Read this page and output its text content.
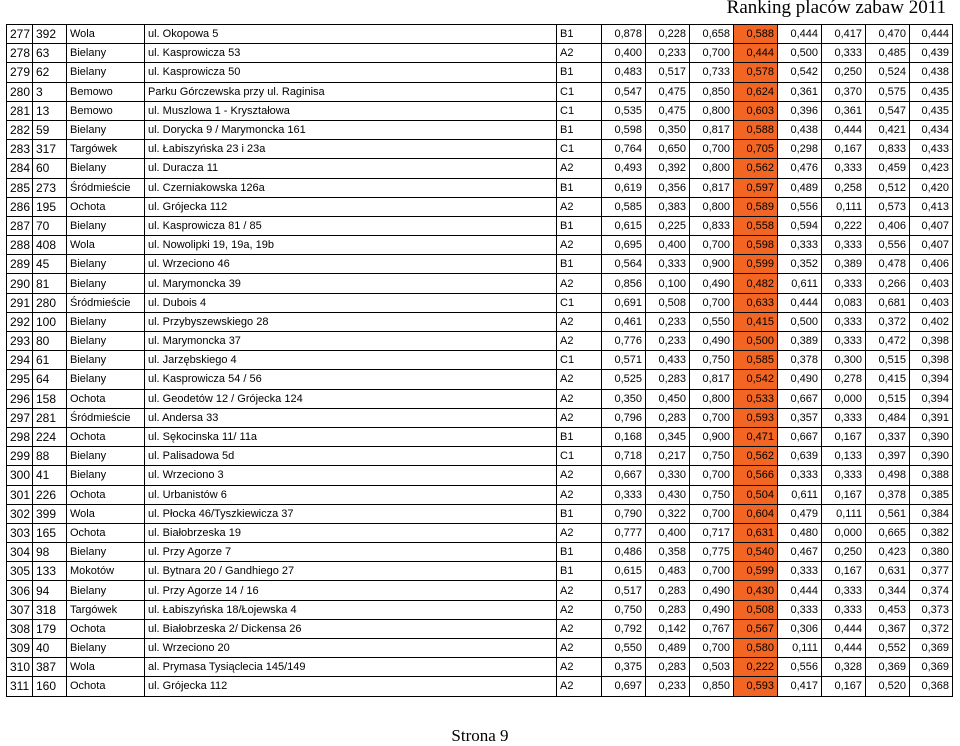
Ranking placów zabaw 2011
277	392	Wola	ul. Okopowa 5	B1	0,878	0,228	0,658	0,588	0,444	0,417	0,470	0,444
278	63	Bielany	ul. Kasprowicza 53	A2	0,400	0,233	0,700	0,444	0,500	0,333	0,485	0,439
279	62	Bielany	ul. Kasprowicza 50	B1	0,483	0,517	0,733	0,578	0,542	0,250	0,524	0,438
280	3	Bemowo	Parku Górczewska przy ul. Raginisa	C1	0,547	0,475	0,850	0,624	0,361	0,370	0,575	0,435
281	13	Bemowo	ul. Muszlowa 1 - Kryształowa	C1	0,535	0,475	0,800	0,603	0,396	0,361	0,547	0,435
282	59	Bielany	ul. Dorycka 9 / Marymoncka 161	B1	0,598	0,350	0,817	0,588	0,438	0,444	0,421	0,434
283	317	Targówek	ul. Łabiszyńska 23 i 23a	C1	0,764	0,650	0,700	0,705	0,298	0,167	0,833	0,433
284	60	Bielany	ul. Duracza 11	A2	0,493	0,392	0,800	0,562	0,476	0,333	0,459	0,423
285	273	Śródmieście	ul. Czerniakowska 126a	B1	0,619	0,356	0,817	0,597	0,489	0,258	0,512	0,420
286	195	Ochota	ul. Grójecka 112	A2	0,585	0,383	0,800	0,589	0,556	0,111	0,573	0,413
287	70	Bielany	ul. Kasprowicza 81 / 85	B1	0,615	0,225	0,833	0,558	0,594	0,222	0,406	0,407
288	408	Wola	ul. Nowolipki 19, 19a, 19b	A2	0,695	0,400	0,700	0,598	0,333	0,333	0,556	0,407
289	45	Bielany	ul. Wrzeciono 46	B1	0,564	0,333	0,900	0,599	0,352	0,389	0,478	0,406
290	81	Bielany	ul. Marymoncka 39	A2	0,856	0,100	0,490	0,482	0,611	0,333	0,266	0,403
291	280	Śródmieście	ul. Dubois 4	C1	0,691	0,508	0,700	0,633	0,444	0,083	0,681	0,403
292	100	Bielany	ul. Przybyszewskiego 28	A2	0,461	0,233	0,550	0,415	0,500	0,333	0,372	0,402
293	80	Bielany	ul. Marymoncka 37	A2	0,776	0,233	0,490	0,500	0,389	0,333	0,472	0,398
294	61	Bielany	ul. Jarzębskiego 4	C1	0,571	0,433	0,750	0,585	0,378	0,300	0,515	0,398
295	64	Bielany	ul. Kasprowicza 54 / 56	A2	0,525	0,283	0,817	0,542	0,490	0,278	0,415	0,394
296	158	Ochota	ul. Geodetów 12 / Grójecka 124	A2	0,350	0,450	0,800	0,533	0,667	0,000	0,515	0,394
297	281	Śródmieście	ul. Andersa 33	A2	0,796	0,283	0,700	0,593	0,357	0,333	0,484	0,391
298	224	Ochota	ul. Sękocinska 11/ 11a	B1	0,168	0,345	0,900	0,471	0,667	0,167	0,337	0,390
299	88	Bielany	ul. Palisadowa 5d	C1	0,718	0,217	0,750	0,562	0,639	0,133	0,397	0,390
300	41	Bielany	ul. Wrzeciono 3	A2	0,667	0,330	0,700	0,566	0,333	0,333	0,498	0,388
301	226	Ochota	ul. Urbanistów 6	A2	0,333	0,430	0,750	0,504	0,611	0,167	0,378	0,385
302	399	Wola	ul. Płocka 46/Tyszkiewicza 37	B1	0,790	0,322	0,700	0,604	0,479	0,111	0,561	0,384
303	165	Ochota	ul. Białobrzeska 19	A2	0,777	0,400	0,717	0,631	0,480	0,000	0,665	0,382
304	98	Bielany	ul. Przy Agorze 7	B1	0,486	0,358	0,775	0,540	0,467	0,250	0,423	0,380
305	133	Mokotów	ul. Bytnara 20 / Gandhiego 27	B1	0,615	0,483	0,700	0,599	0,333	0,167	0,631	0,377
306	94	Bielany	ul. Przy Agorze 14 / 16	A2	0,517	0,283	0,490	0,430	0,444	0,333	0,344	0,374
307	318	Targówek	ul. Łabiszyńska 18/Łojewska 4	A2	0,750	0,283	0,490	0,508	0,333	0,333	0,453	0,373
308	179	Ochota	ul. Białobrzeska 2/ Dickensa 26	A2	0,792	0,142	0,767	0,567	0,306	0,444	0,367	0,372
309	40	Bielany	ul. Wrzeciono 20	A2	0,550	0,489	0,700	0,580	0,111	0,444	0,552	0,369
310	387	Wola	al. Prymasa Tysiąclecia 145/149	A2	0,375	0,283	0,503	0,222	0,556	0,328	0,369	0,369
311	160	Ochota	ul. Grójecka 112	A2	0,697	0,233	0,850	0,593	0,417	0,167	0,520	0,368
Strona 9
